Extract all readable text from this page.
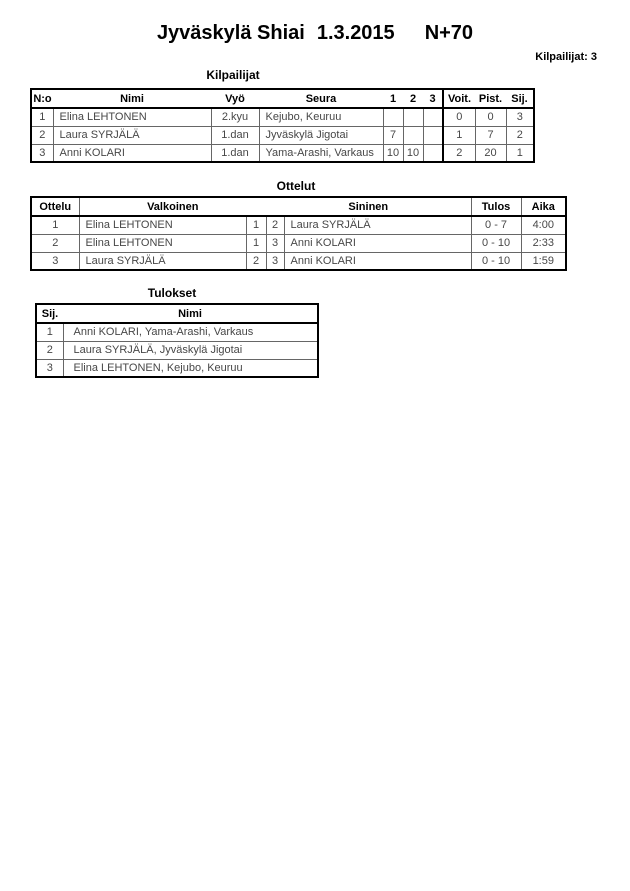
Jyväskylä Shiai 1.3.2015 N+70
Kilpailijat: 3
Kilpailijat
N:o	Nimi	Vyö	Seura	1	2	3	Voit.	Pist.	Sij.
1	Elina LEHTONEN	2.kyu	Kejubo, Keuruu				0	0	3
2	Laura SYRJÄLÄ	1.dan	Jyväskylä Jigotai	7			1	7	2
3	Anni KOLARI	1.dan	Yama-Arashi, Varkaus	10	10		2	20	1
Ottelut
Ottelu	Valkoinen		Sininen		Tulos	Aika
1	Elina LEHTONEN	1	2	Laura SYRJÄLÄ	0 - 7	4:00
2	Elina LEHTONEN	1	3	Anni KOLARI	0 - 10	2:33
3	Laura SYRJÄLÄ	2	3	Anni KOLARI	0 - 10	1:59
Tulokset
Sij.	Nimi
1	Anni KOLARI, Yama-Arashi, Varkaus
2	Laura SYRJÄLÄ, Jyväskylä Jigotai
3	Elina LEHTONEN, Kejubo, Keuruu
